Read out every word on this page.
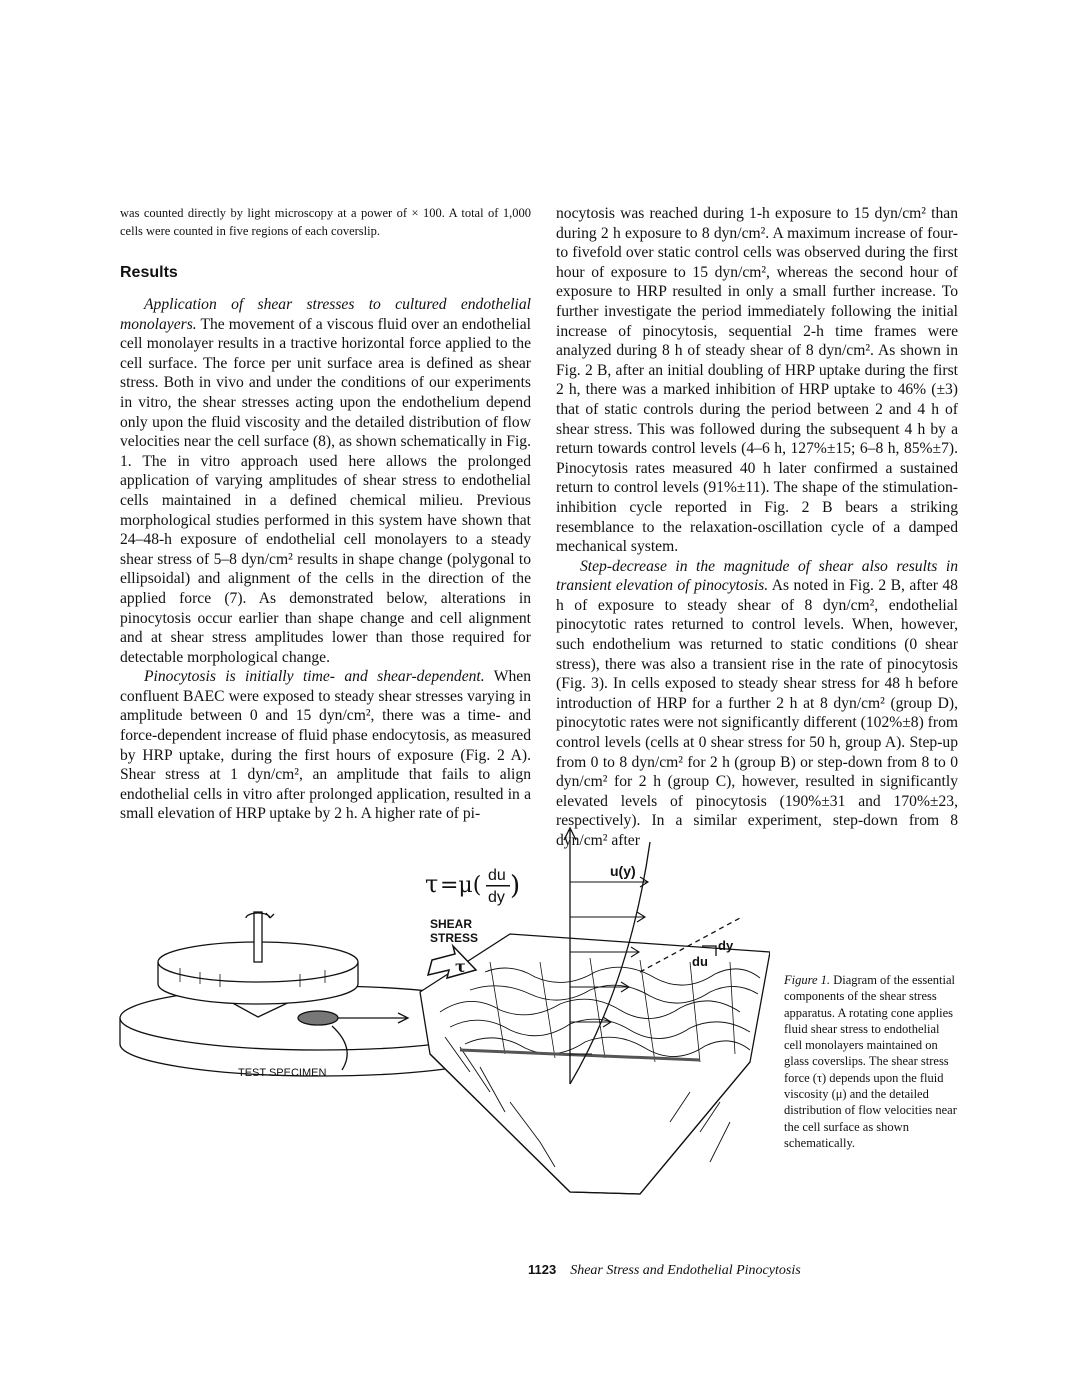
was counted directly by light microscopy at a power of × 100. A total of 1,000 cells were counted in five regions of each coverslip.

Results

Application of shear stresses to cultured endothelial monolayers. The movement of a viscous fluid over an endothelial cell monolayer results in a tractive horizontal force applied to the cell surface. The force per unit surface area is defined as shear stress. Both in vivo and under the conditions of our experiments in vitro, the shear stresses acting upon the endothelium depend only upon the fluid viscosity and the detailed distribution of flow velocities near the cell surface (8), as shown schematically in Fig. 1. The in vitro approach used here allows the prolonged application of varying amplitudes of shear stress to endothelial cells maintained in a defined chemical milieu. Previous morphological studies performed in this system have shown that 24–48-h exposure of endothelial cell monolayers to a steady shear stress of 5–8 dyn/cm² results in shape change (polygonal to ellipsoidal) and alignment of the cells in the direction of the applied force (7). As demonstrated below, alterations in pinocytosis occur earlier than shape change and cell alignment and at shear stress amplitudes lower than those required for detectable morphological change.

Pinocytosis is initially time- and shear-dependent. When confluent BAEC were exposed to steady shear stresses varying in amplitude between 0 and 15 dyn/cm², there was a time- and force-dependent increase of fluid phase endocytosis, as measured by HRP uptake, during the first hours of exposure (Fig. 2 A). Shear stress at 1 dyn/cm², an amplitude that fails to align endothelial cells in vitro after prolonged application, resulted in a small elevation of HRP uptake by 2 h. A higher rate of pi-

nocytosis was reached during 1-h exposure to 15 dyn/cm² than during 2 h exposure to 8 dyn/cm². A maximum increase of four- to fivefold over static control cells was observed during the first hour of exposure to 15 dyn/cm², whereas the second hour of exposure to HRP resulted in only a small further increase. To further investigate the period immediately following the initial increase of pinocytosis, sequential 2-h time frames were analyzed during 8 h of steady shear of 8 dyn/cm². As shown in Fig. 2 B, after an initial doubling of HRP uptake during the first 2 h, there was a marked inhibition of HRP uptake to 46% (±3) that of static controls during the period between 2 and 4 h of shear stress. This was followed during the subsequent 4 h by a return towards control levels (4–6 h, 127%±15; 6–8 h, 85%±7). Pinocytosis rates measured 40 h later confirmed a sustained return to control levels (91%±11). The shape of the stimulation-inhibition cycle reported in Fig. 2 B bears a striking resemblance to the relaxation-oscillation cycle of a damped mechanical system.

Step-decrease in the magnitude of shear also results in transient elevation of pinocytosis. As noted in Fig. 2 B, after 48 h of exposure to steady shear of 8 dyn/cm², endothelial pinocytotic rates returned to control levels. When, however, such endothelium was returned to static conditions (0 shear stress), there was also a transient rise in the rate of pinocytosis (Fig. 3). In cells exposed to steady shear stress for 48 h before introduction of HRP for a further 2 h at 8 dyn/cm² (group D), pinocytotic rates were not significantly different (102%±8) from control levels (cells at 0 shear stress for 50 h, group A). Step-up from 0 to 8 dyn/cm² for 2 h (group B) or step-down from 8 to 0 dyn/cm² for 2 h (group C), however, resulted in significantly elevated levels of pinocytosis (190%±31 and 170%±23, respectively). In a similar experiment, step-down from 8 dyn/cm² after

TEST SPECIMEN
τ =μ( du
dy )
SHEAR
STRESS
τ
u(y)
dy
du
Figure 1. Diagram of the essential components of the shear stress apparatus. A rotating cone applies fluid shear stress to endothelial cell monolayers maintained on glass coverslips. The shear stress force (τ) depends upon the fluid viscosity (μ) and the detailed distribution of flow velocities near the cell surface as shown schematically.
1123 Shear Stress and Endothelial Pinocytosis
